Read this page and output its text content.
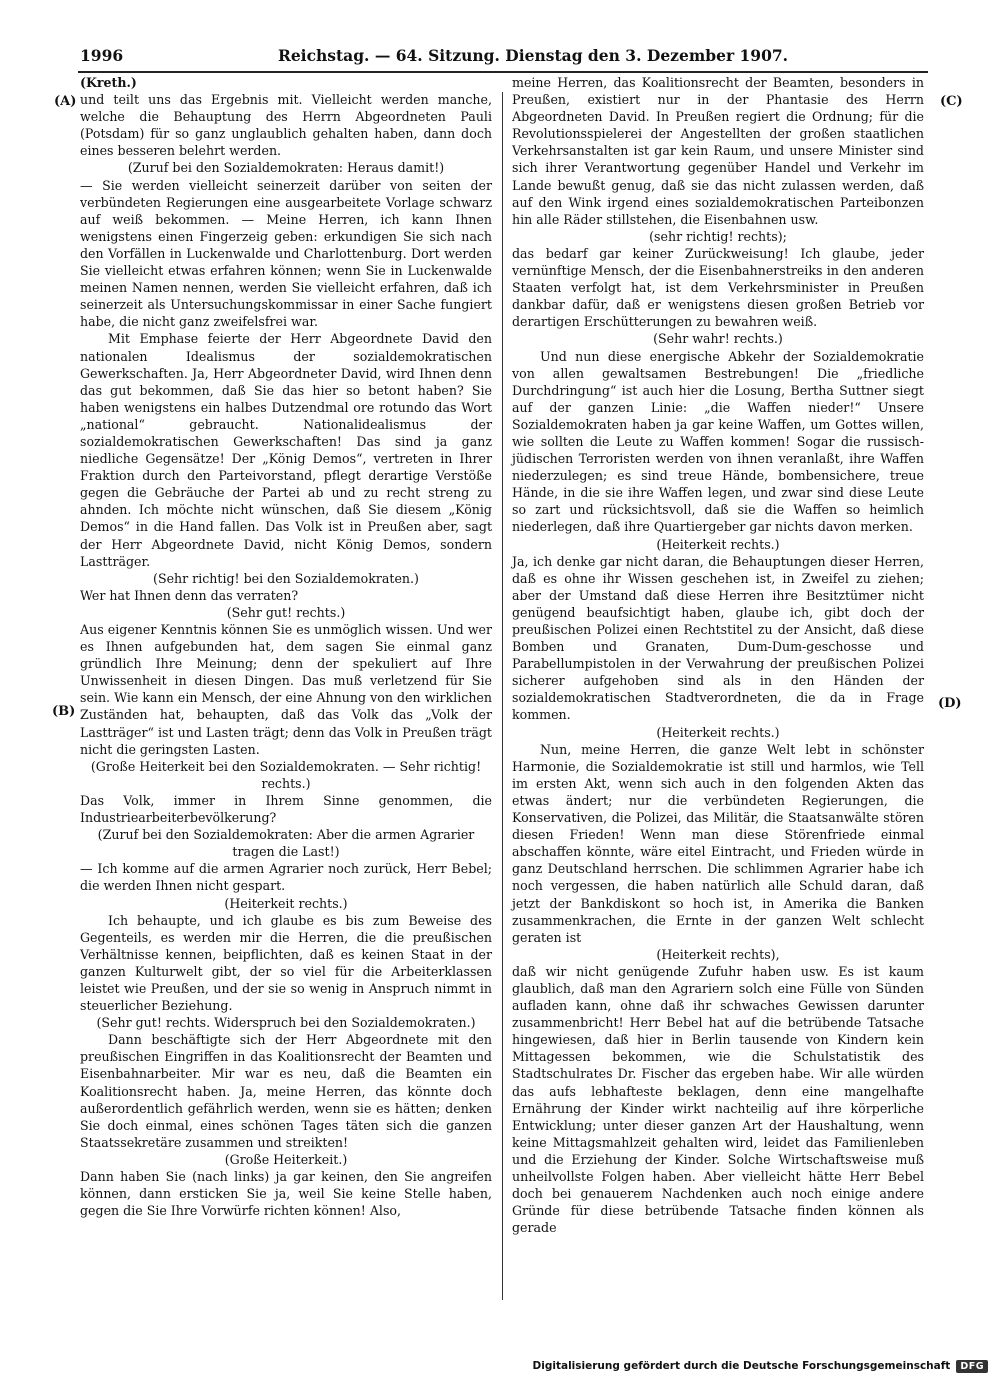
1996	Reichstag. — 64. Sitzung. Dienstag den 3. Dezember 1907.
(A)
(B)
(C)
(D)

(Kreth.)

und teilt uns das Ergebnis mit. Vielleicht werden manche, welche die Behauptung des Herrn Abgeordneten Pauli (Potsdam) für so ganz unglaublich gehalten haben, dann doch eines besseren belehrt werden.

(Zuruf bei den Sozialdemokraten: Heraus damit!)

— Sie werden vielleicht seinerzeit darüber von seiten der verbündeten Regierungen eine ausgearbeitete Vorlage schwarz auf weiß bekommen. — Meine Herren, ich kann Ihnen wenigstens einen Fingerzeig geben: erkundigen Sie sich nach den Vorfällen in Luckenwalde und Charlottenburg. Dort werden Sie vielleicht etwas erfahren können; wenn Sie in Luckenwalde meinen Namen nennen, werden Sie vielleicht erfahren, daß ich seinerzeit als Untersuchungskommissar in einer Sache fungiert habe, die nicht ganz zweifelsfrei war.

Mit Emphase feierte der Herr Abgeordnete David den nationalen Idealismus der sozialdemokratischen Gewerkschaften. Ja, Herr Abgeordneter David, wird Ihnen denn das gut bekommen, daß Sie das hier so betont haben? Sie haben wenigstens ein halbes Dutzendmal ore rotundo das Wort „national“ gebraucht. Nationalidealismus der sozialdemokratischen Gewerkschaften! Das sind ja ganz niedliche Gegensätze! Der „König Demos“, vertreten in Ihrer Fraktion durch den Parteivorstand, pflegt derartige Verstöße gegen die Gebräuche der Partei ab und zu recht streng zu ahnden. Ich möchte nicht wünschen, daß Sie diesem „König Demos“ in die Hand fallen. Das Volk ist in Preußen aber, sagt der Herr Abgeordnete David, nicht König Demos, sondern Lastträger.

(Sehr richtig! bei den Sozialdemokraten.)

Wer hat Ihnen denn das verraten?

(Sehr gut! rechts.)

Aus eigener Kenntnis können Sie es unmöglich wissen. Und wer es Ihnen aufgebunden hat, dem sagen Sie einmal ganz gründlich Ihre Meinung; denn der spekuliert auf Ihre Unwissenheit in diesen Dingen. Das muß verletzend für Sie sein. Wie kann ein Mensch, der eine Ahnung von den wirklichen Zuständen hat, behaupten, daß das Volk das „Volk der Lastträger“ ist und Lasten trägt; denn das Volk in Preußen trägt nicht die geringsten Lasten.

(Große Heiterkeit bei den Sozialdemokraten. — Sehr richtig! rechts.)

Das Volk, immer in Ihrem Sinne genommen, die Industriearbeiterbevölkerung?

(Zuruf bei den Sozialdemokraten: Aber die armen Agrarier tragen die Last!)

— Ich komme auf die armen Agrarier noch zurück, Herr Bebel; die werden Ihnen nicht gespart.

(Heiterkeit rechts.)

Ich behaupte, und ich glaube es bis zum Beweise des Gegenteils, es werden mir die Herren, die die preußischen Verhältnisse kennen, beipflichten, daß es keinen Staat in der ganzen Kulturwelt gibt, der so viel für die Arbeiterklassen leistet wie Preußen, und der sie so wenig in Anspruch nimmt in steuerlicher Beziehung.

(Sehr gut! rechts. Widerspruch bei den Sozialdemokraten.)

Dann beschäftigte sich der Herr Abgeordnete mit den preußischen Eingriffen in das Koalitionsrecht der Beamten und Eisenbahnarbeiter. Mir war es neu, daß die Beamten ein Koalitionsrecht haben. Ja, meine Herren, das könnte doch außerordentlich gefährlich werden, wenn sie es hätten; denken Sie doch einmal, eines schönen Tages täten sich die ganzen Staatssekretäre zusammen und streikten!

(Große Heiterkeit.)

Dann haben Sie (nach links) ja gar keinen, den Sie angreifen können, dann ersticken Sie ja, weil Sie keine Stelle haben, gegen die Sie Ihre Vorwürfe richten können! Also,

meine Herren, das Koalitionsrecht der Beamten, besonders in Preußen, existiert nur in der Phantasie des Herrn Abgeordneten David. In Preußen regiert die Ordnung; für die Revolutionsspielerei der Angestellten der großen staatlichen Verkehrsanstalten ist gar kein Raum, und unsere Minister sind sich ihrer Verantwortung gegenüber Handel und Verkehr im Lande bewußt genug, daß sie das nicht zulassen werden, daß auf den Wink irgend eines sozialdemokratischen Parteibonzen hin alle Räder stillstehen, die Eisenbahnen usw.

(sehr richtig! rechts);

das bedarf gar keiner Zurückweisung! Ich glaube, jeder vernünftige Mensch, der die Eisenbahnerstreiks in den anderen Staaten verfolgt hat, ist dem Verkehrsminister in Preußen dankbar dafür, daß er wenigstens diesen großen Betrieb vor derartigen Erschütterungen zu bewahren weiß.

(Sehr wahr! rechts.)

Und nun diese energische Abkehr der Sozialdemokratie von allen gewaltsamen Bestrebungen! Die „friedliche Durchdringung“ ist auch hier die Losung, Bertha Suttner siegt auf der ganzen Linie: „die Waffen nieder!“ Unsere Sozialdemokraten haben ja gar keine Waffen, um Gottes willen, wie sollten die Leute zu Waffen kommen! Sogar die russisch-jüdischen Terroristen werden von ihnen veranlaßt, ihre Waffen niederzulegen; es sind treue Hände, bombensichere, treue Hände, in die sie ihre Waffen legen, und zwar sind diese Leute so zart und rücksichtsvoll, daß sie die Waffen so heimlich niederlegen, daß ihre Quartiergeber gar nichts davon merken.

(Heiterkeit rechts.)

Ja, ich denke gar nicht daran, die Behauptungen dieser Herren, daß es ohne ihr Wissen geschehen ist, in Zweifel zu ziehen; aber der Umstand daß diese Herren ihre Besitztümer nicht genügend beaufsichtigt haben, glaube ich, gibt doch der preußischen Polizei einen Rechtstitel zu der Ansicht, daß diese Bomben und Granaten, Dum-Dum-geschosse und Parabellumpistolen in der Verwahrung der preußischen Polizei sicherer aufgehoben sind als in den Händen der sozialdemokratischen Stadtverordneten, die da in Frage kommen.

(Heiterkeit rechts.)

Nun, meine Herren, die ganze Welt lebt in schönster Harmonie, die Sozialdemokratie ist still und harmlos, wie Tell im ersten Akt, wenn sich auch in den folgenden Akten das etwas ändert; nur die verbündeten Regierungen, die Konservativen, die Polizei, das Militär, die Staatsanwälte stören diesen Frieden! Wenn man diese Störenfriede einmal abschaffen könnte, wäre eitel Eintracht, und Frieden würde in ganz Deutschland herrschen. Die schlimmen Agrarier habe ich noch vergessen, die haben natürlich alle Schuld daran, daß jetzt der Bankdiskont so hoch ist, in Amerika die Banken zusammenkrachen, die Ernte in der ganzen Welt schlecht geraten ist

(Heiterkeit rechts),

daß wir nicht genügende Zufuhr haben usw. Es ist kaum glaublich, daß man den Agrariern solch eine Fülle von Sünden aufladen kann, ohne daß ihr schwaches Gewissen darunter zusammenbricht! Herr Bebel hat auf die betrübende Tatsache hingewiesen, daß hier in Berlin tausende von Kindern kein Mittagessen bekommen, wie die Schulstatistik des Stadtschulrates Dr. Fischer das ergeben habe. Wir alle würden das aufs lebhafteste beklagen, denn eine mangelhafte Ernährung der Kinder wirkt nachteilig auf ihre körperliche Entwicklung; unter dieser ganzen Art der Haushaltung, wenn keine Mittagsmahlzeit gehalten wird, leidet das Familienleben und die Erziehung der Kinder. Solche Wirtschaftsweise muß unheilvollste Folgen haben. Aber vielleicht hätte Herr Bebel doch bei genauerem Nachdenken auch noch einige andere Gründe für diese betrübende Tatsache finden können als gerade

Digitalisierung gefördert durch die Deutsche Forschungsgemeinschaft	DFG
